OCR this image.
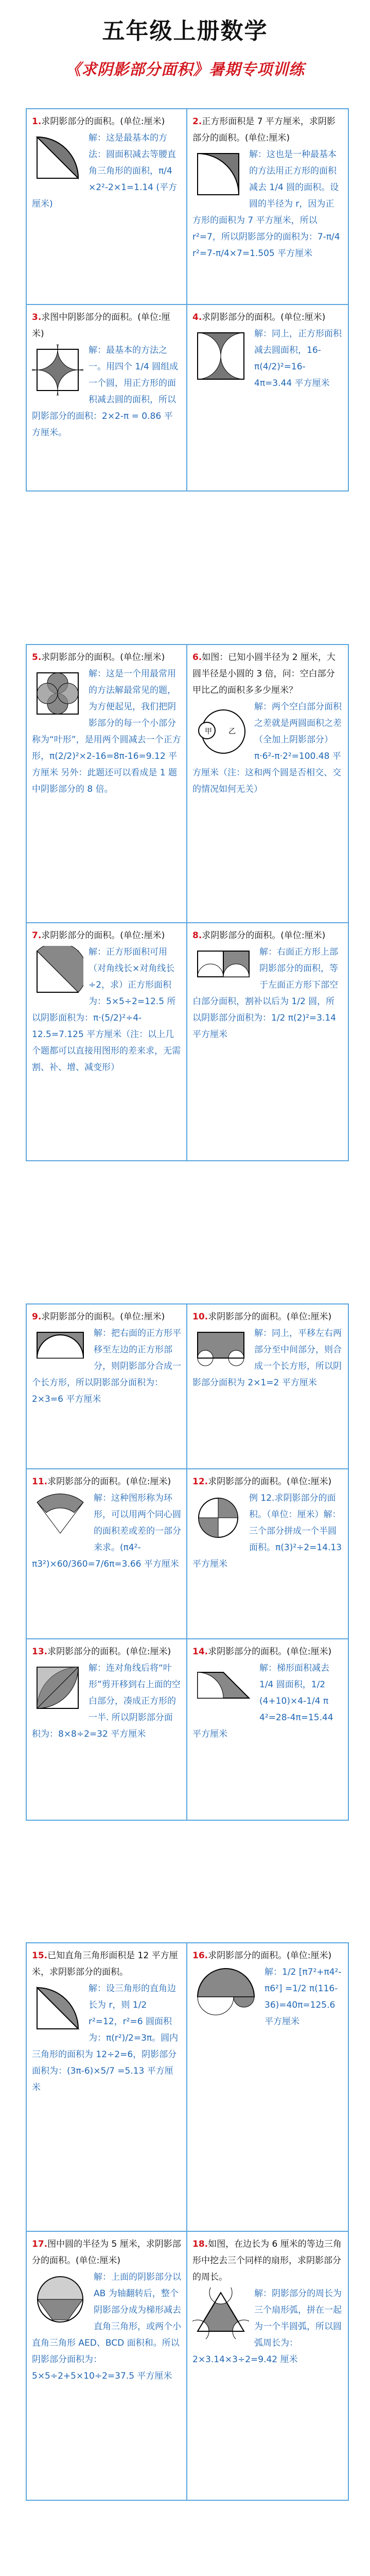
五年级上册数学
《求阴影部分面积》暑期专项训练
1.求阴影部分的面积。(单位:厘米)

解：这是最基本的方法：圆面积减去等腰直角三角形的面积，π/4 ×2²-2×1=1.14 (平方厘米)
2.正方形面积是 7 平方厘米，求阴影部分的面积。(单位:厘米)

解：这也是一种最基本的方法用正方形的面积减去 1/4 圆的面积。设圆的半径为 r，因为正方形的面积为 7 平方厘米，所以 r²=7，所以阴影部分的面积为：7-π/4 r²=7-π/4×7=1.505 平方厘米
3.求图中阴影部分的面积。(单位:厘米)

解：最基本的方法之一。用四个 1/4 圆组成一个圆，用正方形的面积减去圆的面积，所以阴影部分的面积：2×2-π = 0.86 平方厘米。
4.求阴影部分的面积。(单位:厘米)

解：同上，正方形面积减去圆面积，16-π(4/2)²=16-4π=3.44 平方厘米
5.求阴影部分的面积。(单位:厘米)

解：这是一个用最常用的方法解最常见的题，为方便起见，我们把阴影部分的每一个小部分称为“叶形”，是用两个圆减去一个正方形，π(2/2)²×2-16=8π-16=9.12 平方厘米 另外：此题还可以看成是 1 题中阴影部分的 8 倍。
6.如图：已知小圆半径为 2 厘米，大圆半径是小圆的 3 倍，问：空白部分甲比乙的面积多多少厘米？

甲 乙
解：两个空白部分面积之差就是两圆面积之差（全加上阴影部分）π·6²-π·2²=100.48 平方厘米（注：这和两个圆是否相交、交的情况如何无关）
7.求阴影部分的面积。(单位:厘米)

解：正方形面积可用（对角线长×对角线长÷2，求）正方形面积为：5×5÷2=12.5 所以阴影面积为：π·(5/2)²÷4-12.5=7.125 平方厘米（注：以上几个题都可以直接用图形的差来求，无需割、补、增、减变形）
8.求阴影部分的面积。(单位:厘米)

解：右面正方形上部阴影部分的面积，等于左面正方形下部空白部分面积，割补以后为 1/2 圆，所以阴影部分面积为：1/2 π(2)²=3.14 平方厘米
9.求阴影部分的面积。(单位:厘米)

解：把右面的正方形平移至左边的正方形部分，则阴影部分合成一个长方形，所以阴影部分面积为：2×3=6 平方厘米
10.求阴影部分的面积。(单位:厘米)

解：同上，平移左右两部分至中间部分，则合成一个长方形，所以阴影部分面积为 2×1=2 平方厘米
11.求阴影部分的面积。(单位:厘米)

解：这种图形称为环形，可以用两个同心圆的面积差或差的一部分来求。(π4²-π3²)×60/360=7/6π=3.66 平方厘米
12.求阴影部分的面积。(单位:厘米)

例 12.求阴影部分的面积。（单位：厘米）解：三个部分拼成一个半圆面积。π(3)²÷2=14.13 平方厘米
13.求阴影部分的面积。(单位:厘米)

解：连对角线后将“叶形”剪开移到右上面的空白部分，凑成正方形的一半. 所以阴影部分面积为：8×8÷2=32 平方厘米
14.求阴影部分的面积。(单位:厘米)

解：梯形面积减去 1/4 圆面积，1/2 (4+10)×4-1/4 π 4²=28-4π=15.44 平方厘米
15.已知直角三角形面积是 12 平方厘米，求阴影部分的面积。

解：设三角形的直角边长为 r，则 1/2 r²=12，r²=6 圆面积为：π(r²)/2=3π。圆内三角形的面积为 12÷2=6，阴影部分面积为：(3π-6)×5/7 =5.13 平方厘米
16.求阴影部分的面积。(单位:厘米)

解：1/2 [π7²+π4²-π6²] =1/2 π(116-36)=40π=125.6 平方厘米
17.图中圆的半径为 5 厘米，求阴影部分的面积。(单位:厘米)

解：上面的阴影部分以 AB 为轴翻转后，整个阴影部分成为梯形减去直角三角形，或两个小直角三角形 AED、BCD 面积和。所以阴影部分面积为：5×5÷2+5×10÷2=37.5 平方厘米
18.如图，在边长为 6 厘米的等边三角形中挖去三个同样的扇形，求阴影部分的周长。

解：阴影部分的周长为三个扇形弧，拼在一起为一个半圆弧，所以圆弧周长为：2×3.14×3÷2=9.42 厘米
